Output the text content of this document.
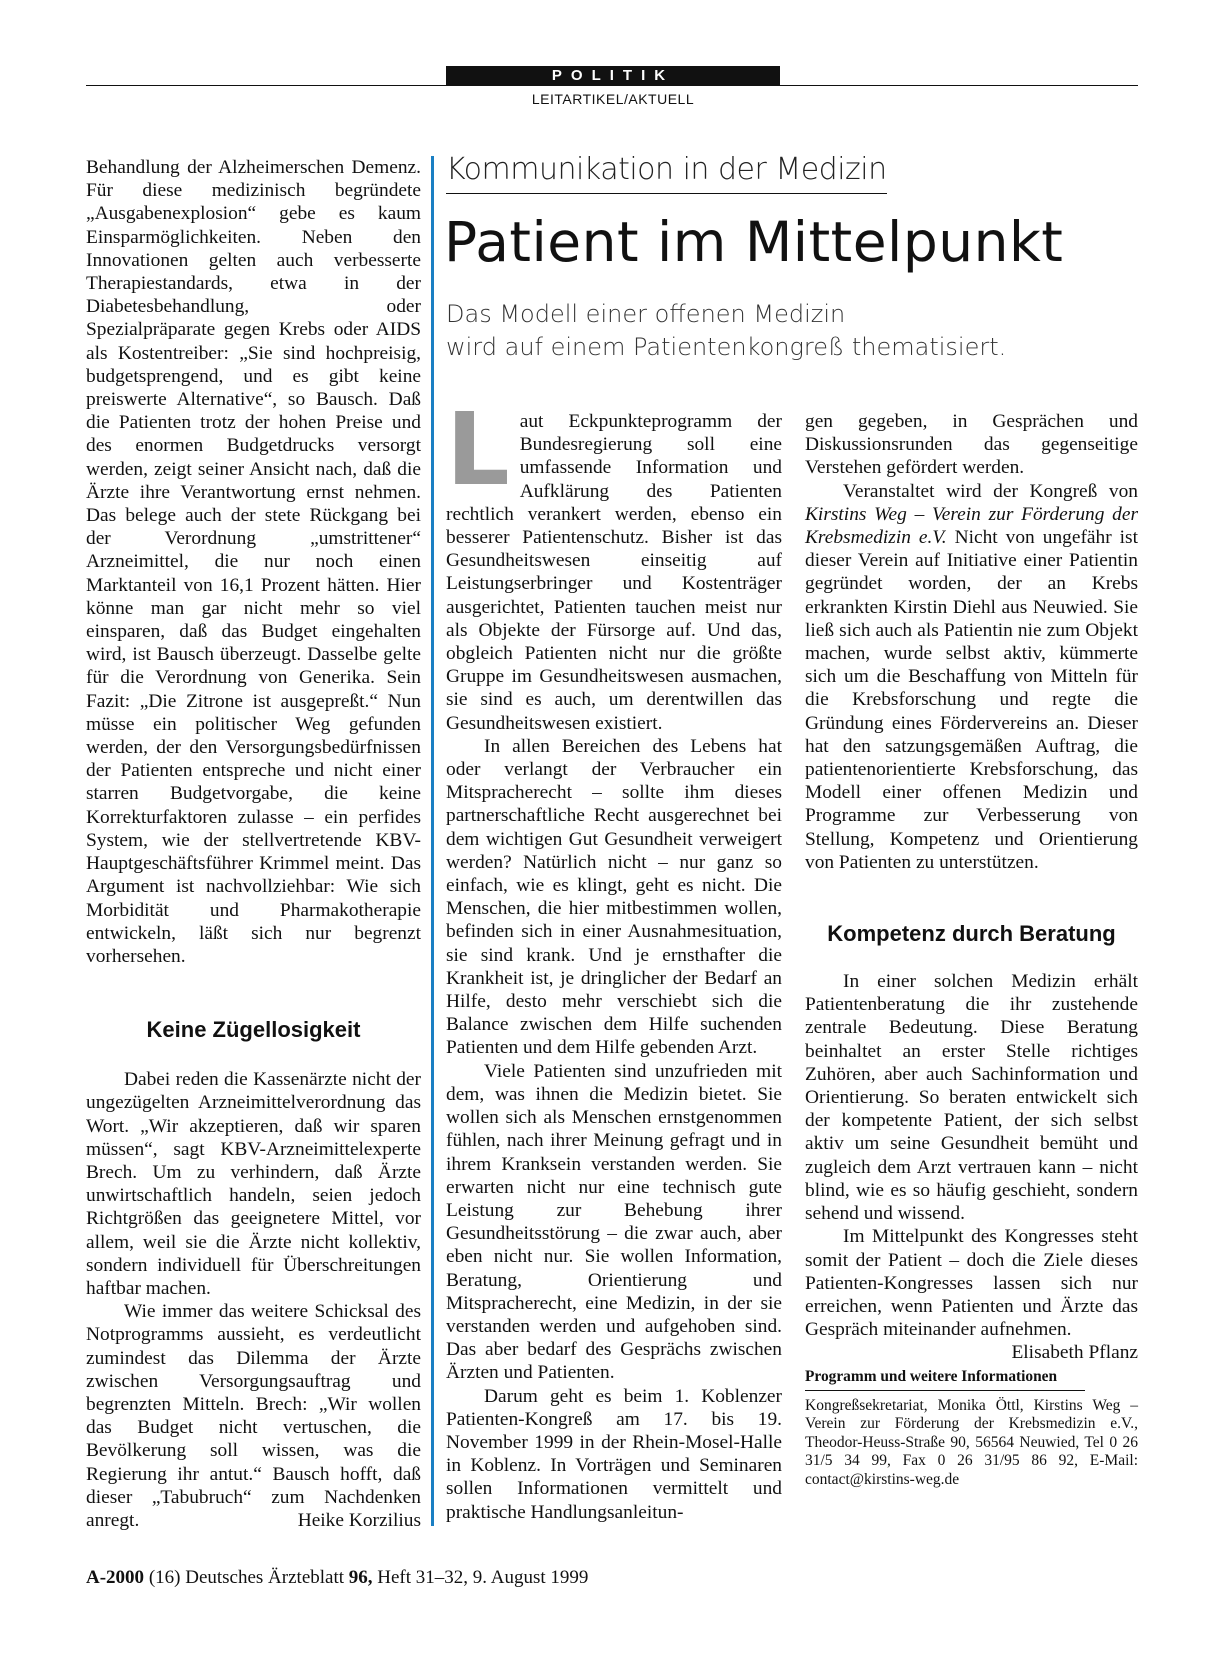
POLITIK
LEITARTIKEL/AKTUELL

Behandlung der Alzheimerschen Demenz. Für diese medizinisch begründete „Ausgabenexplosion“ gebe es kaum Einsparmöglichkeiten. Neben den Innovationen gelten auch verbesserte Therapiestandards, etwa in der Diabetesbehandlung, oder Spezialpräparate gegen Krebs oder AIDS als Kostentreiber: „Sie sind hochpreisig, budgetsprengend, und es gibt keine preiswerte Alternative“, so Bausch. Daß die Patienten trotz der hohen Preise und des enormen Budgetdrucks versorgt werden, zeigt seiner Ansicht nach, daß die Ärzte ihre Verantwortung ernst nehmen. Das belege auch der stete Rückgang bei der Verordnung „umstrittener“ Arzneimittel, die nur noch einen Marktanteil von 16,1 Prozent hätten. Hier könne man gar nicht mehr so viel einsparen, daß das Budget eingehalten wird, ist Bausch überzeugt. Dasselbe gelte für die Verordnung von Generika. Sein Fazit: „Die Zitrone ist ausgepreßt.“ Nun müsse ein politischer Weg gefunden werden, der den Versorgungsbedürfnissen der Patienten entspreche und nicht einer starren Budgetvorgabe, die keine Korrekturfaktoren zulasse – ein perfides System, wie der stellvertretende KBV-Hauptgeschäftsführer Krimmel meint. Das Argument ist nachvollziehbar: Wie sich Morbidität und Pharmakotherapie entwickeln, läßt sich nur begrenzt vorhersehen.

Keine Zügellosigkeit

Dabei reden die Kassenärzte nicht der ungezügelten Arzneimittelverordnung das Wort. „Wir akzeptieren, daß wir sparen müssen“, sagt KBV-Arzneimittelexperte Brech. Um zu verhindern, daß Ärzte unwirtschaftlich handeln, seien jedoch Richtgrößen das geeignetere Mittel, vor allem, weil sie die Ärzte nicht kollektiv, sondern individuell für Überschreitungen haftbar machen.

Wie immer das weitere Schicksal des Notprogramms aussieht, es verdeutlicht zumindest das Dilemma der Ärzte zwischen Versorgungsauftrag und begrenzten Mitteln. Brech: „Wir wollen das Budget nicht vertuschen, die Bevölkerung soll wissen, was die Regierung ihr antut.“ Bausch hofft, daß dieser „Tabubruch“ zum Nachdenken anregt.	Heike Korzilius

Kommunikation in der Medizin
Patient im Mittelpunkt
Das Modell einer offenen Medizin
wird auf einem Patientenkongreß thematisiert.

Laut Eckpunkteprogramm der Bundesregierung soll eine umfassende Information und Aufklärung des Patienten rechtlich verankert werden, ebenso ein besserer Patientenschutz. Bisher ist das Gesundheitswesen einseitig auf Leistungserbringer und Kostenträger ausgerichtet, Patienten tauchen meist nur als Objekte der Fürsorge auf. Und das, obgleich Patienten nicht nur die größte Gruppe im Gesundheitswesen ausmachen, sie sind es auch, um derentwillen das Gesundheitswesen existiert.

In allen Bereichen des Lebens hat oder verlangt der Verbraucher ein Mitspracherecht – sollte ihm dieses partnerschaftliche Recht ausgerechnet bei dem wichtigen Gut Gesundheit verweigert werden? Natürlich nicht – nur ganz so einfach, wie es klingt, geht es nicht. Die Menschen, die hier mitbestimmen wollen, befinden sich in einer Ausnahmesituation, sie sind krank. Und je ernsthafter die Krankheit ist, je dringlicher der Bedarf an Hilfe, desto mehr verschiebt sich die Balance zwischen dem Hilfe suchenden Patienten und dem Hilfe gebenden Arzt.

Viele Patienten sind unzufrieden mit dem, was ihnen die Medizin bietet. Sie wollen sich als Menschen ernstgenommen fühlen, nach ihrer Meinung gefragt und in ihrem Kranksein verstanden werden. Sie erwarten nicht nur eine technisch gute Leistung zur Behebung ihrer Gesundheitsstörung – die zwar auch, aber eben nicht nur. Sie wollen Information, Beratung, Orientierung und Mitspracherecht, eine Medizin, in der sie verstanden werden und aufgehoben sind. Das aber bedarf des Gesprächs zwischen Ärzten und Patienten.

Darum geht es beim 1. Koblenzer Patienten-Kongreß am 17. bis 19. November 1999 in der Rhein-Mosel-Halle in Koblenz. In Vorträgen und Seminaren sollen Informationen vermittelt und praktische Handlungsanleitun-

gen gegeben, in Gesprächen und Diskussionsrunden das gegenseitige Verstehen gefördert werden.

Veranstaltet wird der Kongreß von Kirstins Weg – Verein zur Förderung der Krebsmedizin e.V. Nicht von ungefähr ist dieser Verein auf Initiative einer Patientin gegründet worden, der an Krebs erkrankten Kirstin Diehl aus Neuwied. Sie ließ sich auch als Patientin nie zum Objekt machen, wurde selbst aktiv, kümmerte sich um die Beschaffung von Mitteln für die Krebsforschung und regte die Gründung eines Fördervereins an. Dieser hat den satzungsgemäßen Auftrag, die patientenorientierte Krebsforschung, das Modell einer offenen Medizin und Programme zur Verbesserung von Stellung, Kompetenz und Orientierung von Patienten zu unterstützen.

Kompetenz durch Beratung

In einer solchen Medizin erhält Patientenberatung die ihr zustehende zentrale Bedeutung. Diese Beratung beinhaltet an erster Stelle richtiges Zuhören, aber auch Sachinformation und Orientierung. So beraten entwickelt sich der kompetente Patient, der sich selbst aktiv um seine Gesundheit bemüht und zugleich dem Arzt vertrauen kann – nicht blind, wie es so häufig geschieht, sondern sehend und wissend.

Im Mittelpunkt des Kongresses steht somit der Patient – doch die Ziele dieses Patienten-Kongresses lassen sich nur erreichen, wenn Patienten und Ärzte das Gespräch miteinander aufnehmen.
Elisabeth Pflanz

Programm und weitere Informationen

Kongreßsekretariat, Monika Öttl, Kirstins Weg – Verein zur Förderung der Krebsmedizin e.V., Theodor-Heuss-Straße 90, 56564 Neuwied, Tel 0 26 31/5 34 99, Fax 0 26 31/95 86 92, E-Mail: contact@kirstins-weg.de

A-2000 (16) Deutsches Ärzteblatt 96, Heft 31–32, 9. August 1999
